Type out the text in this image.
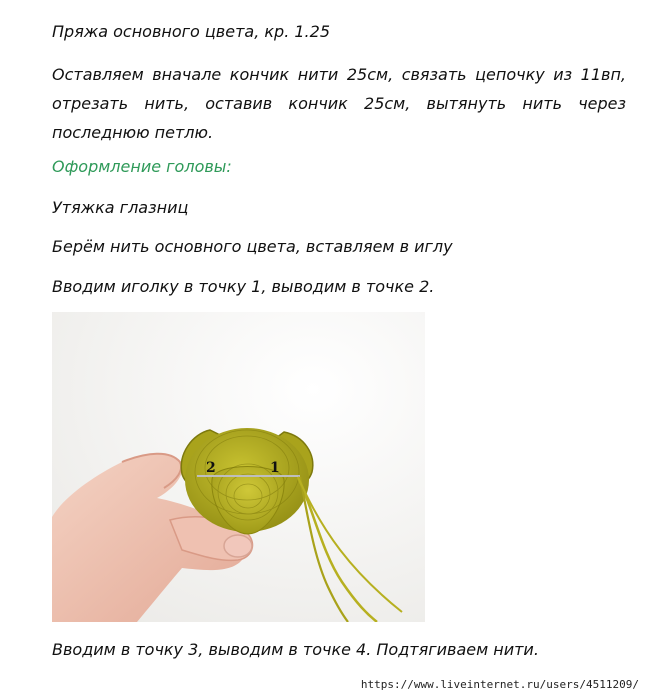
Пряжа основного цвета, кр. 1.25
Оставляем вначале кончик нити 25см, связать цепочку из 11вп, отрезать нить, оставив кончик 25см, вытянуть нить через последнюю петлю.
Оформление головы:
Утяжка глазниц
Берём нить основного цвета, вставляем в иглу
Вводим иголку в точку 1, выводим в точке 2.
2	1
Вводим в точку 3, выводим в точке 4. Подтягиваем нити.
https://www.liveinternet.ru/users/4511209/
